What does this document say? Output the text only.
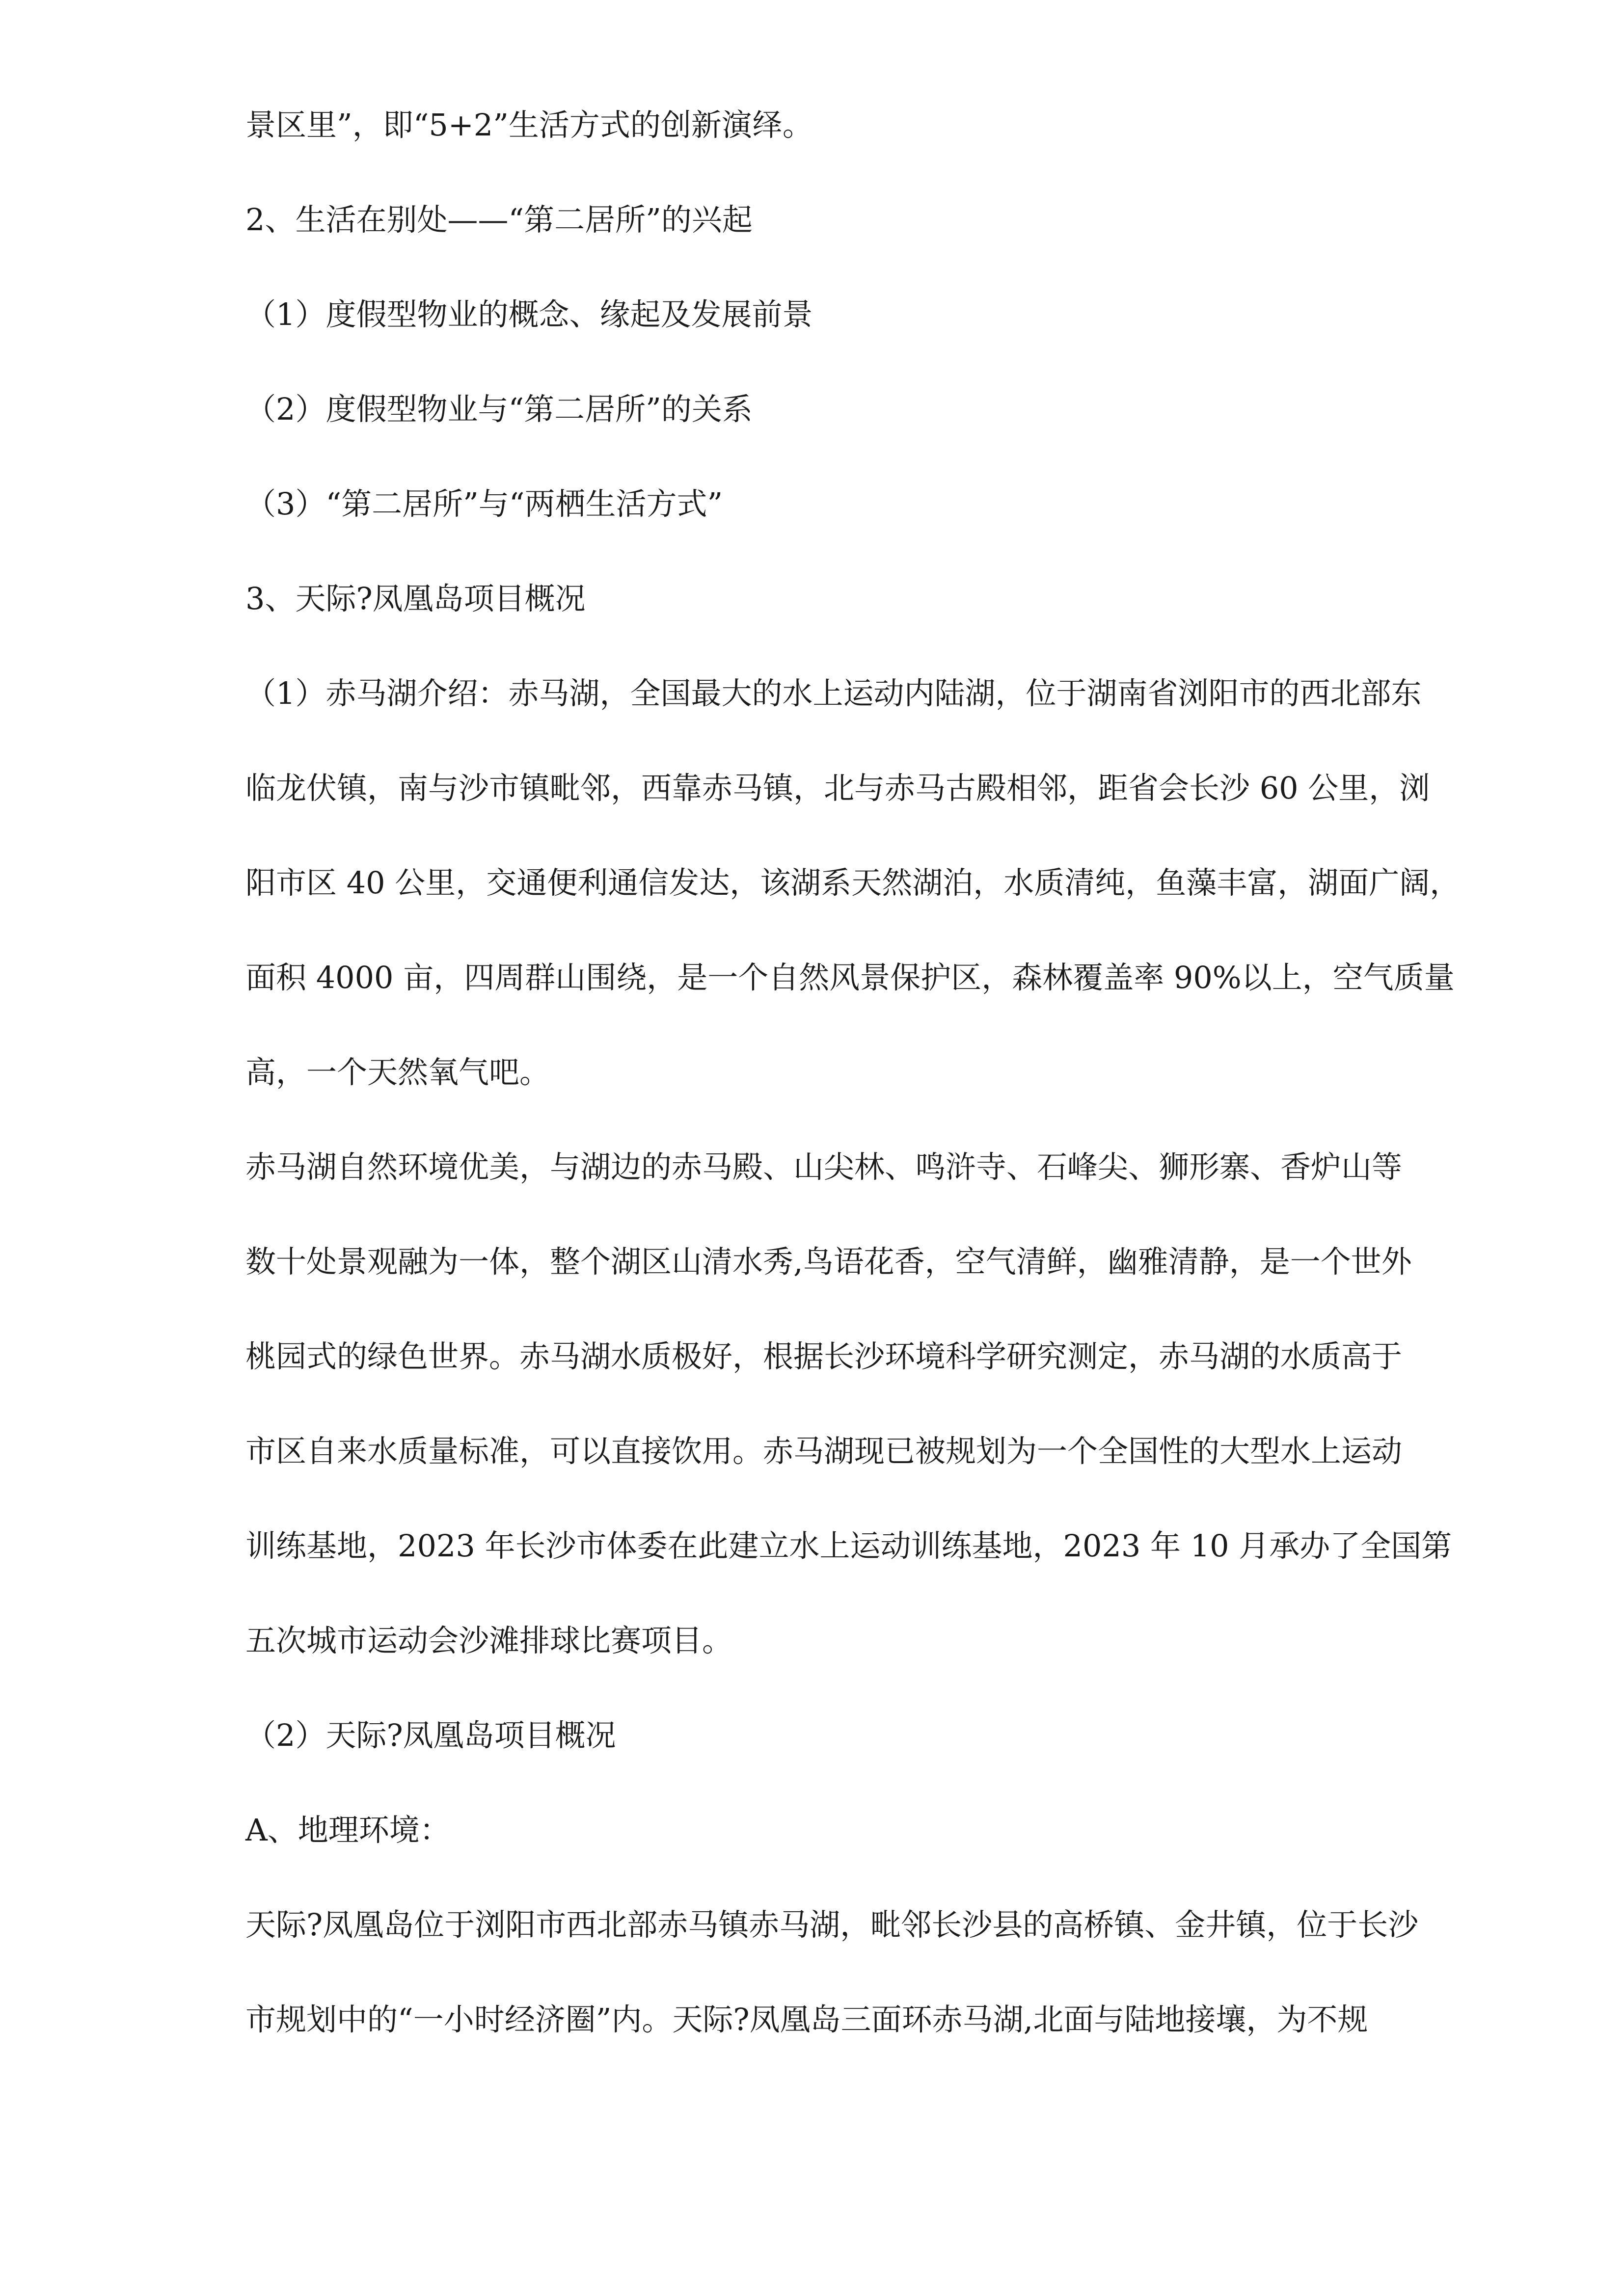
景区里”，即“5+2”生活方式的创新演绎。
2、生活在别处——“第二居所”的兴起
（1）度假型物业的概念、缘起及发展前景
（2）度假型物业与“第二居所”的关系
（3）“第二居所”与“两栖生活方式”
3、天际?凤凰岛项目概况
（1）赤马湖介绍：赤马湖，全国最大的水上运动内陆湖，位于湖南省浏阳市的西北部东
临龙伏镇，南与沙市镇毗邻，西靠赤马镇，北与赤马古殿相邻，距省会长沙 60 公里，浏
阳市区 40 公里，交通便利通信发达，该湖系天然湖泊，水质清纯，鱼藻丰富，湖面广阔，
面积 4000 亩，四周群山围绕，是一个自然风景保护区，森林覆盖率 90%以上，空气质量
高，一个天然氧气吧。
赤马湖自然环境优美，与湖边的赤马殿、山尖林、鸣浒寺、石峰尖、狮形寨、香炉山等
数十处景观融为一体，整个湖区山清水秀,鸟语花香，空气清鲜，幽雅清静，是一个世外
桃园式的绿色世界。赤马湖水质极好，根据长沙环境科学研究测定，赤马湖的水质高于
市区自来水质量标准，可以直接饮用。赤马湖现已被规划为一个全国性的大型水上运动
训练基地，2023 年长沙市体委在此建立水上运动训练基地，2023 年 10 月承办了全国第
五次城市运动会沙滩排球比赛项目。
（2）天际?凤凰岛项目概况
A、地理环境：
天际?凤凰岛位于浏阳市西北部赤马镇赤马湖，毗邻长沙县的高桥镇、金井镇，位于长沙
市规划中的“一小时经济圈”内。天际?凤凰岛三面环赤马湖,北面与陆地接壤，为不规
